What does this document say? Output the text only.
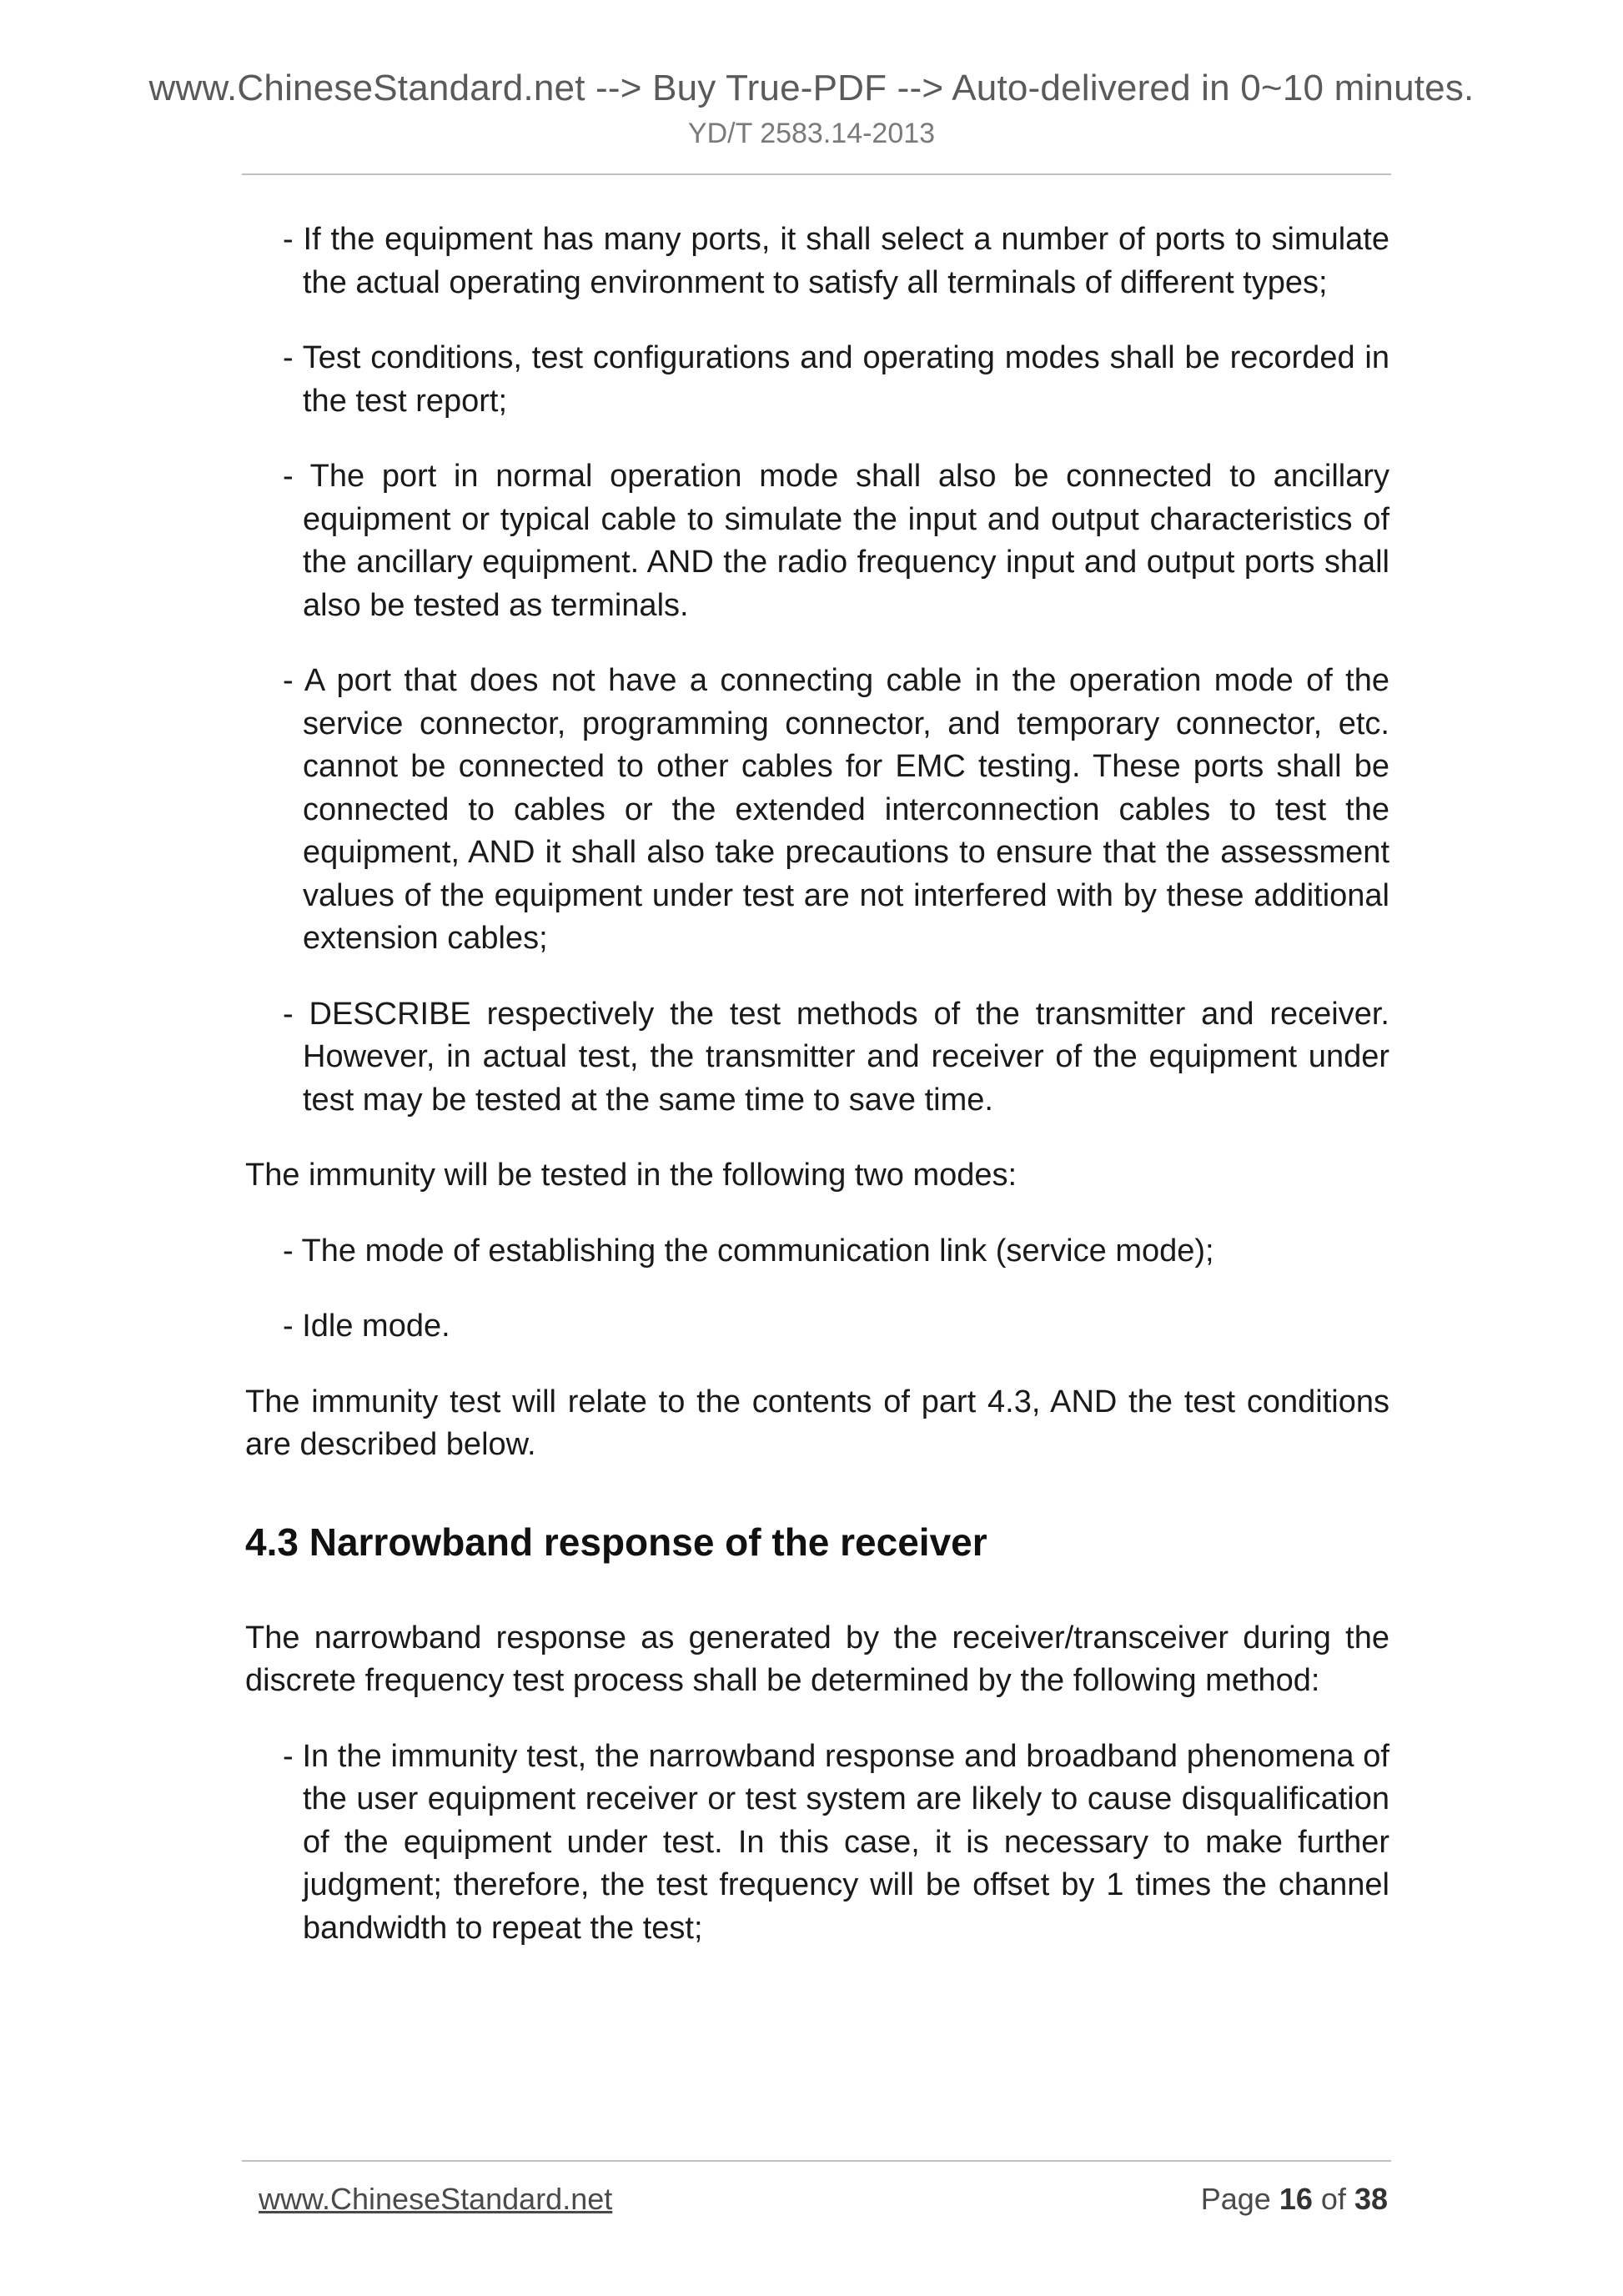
www.ChineseStandard.net --> Buy True-PDF --> Auto-delivered in 0~10 minutes.
YD/T 2583.14-2013
- If the equipment has many ports, it shall select a number of ports to simulate the actual operating environment to satisfy all terminals of different types;
- Test conditions, test configurations and operating modes shall be recorded in the test report;
- The port in normal operation mode shall also be connected to ancillary equipment or typical cable to simulate the input and output characteristics of the ancillary equipment. AND the radio frequency input and output ports shall also be tested as terminals.
- A port that does not have a connecting cable in the operation mode of the service connector, programming connector, and temporary connector, etc. cannot be connected to other cables for EMC testing. These ports shall be connected to cables or the extended interconnection cables to test the equipment, AND it shall also take precautions to ensure that the assessment values of the equipment under test are not interfered with by these additional extension cables;
- DESCRIBE respectively the test methods of the transmitter and receiver. However, in actual test, the transmitter and receiver of the equipment under test may be tested at the same time to save time.
The immunity will be tested in the following two modes:
- The mode of establishing the communication link (service mode);
- Idle mode.
The immunity test will relate to the contents of part 4.3, AND the test conditions are described below.
4.3 Narrowband response of the receiver
The narrowband response as generated by the receiver/transceiver during the discrete frequency test process shall be determined by the following method:
- In the immunity test, the narrowband response and broadband phenomena of the user equipment receiver or test system are likely to cause disqualification of the equipment under test. In this case, it is necessary to make further judgment; therefore, the test frequency will be offset by 1 times the channel bandwidth to repeat the test;
www.ChineseStandard.net	Page 16 of 38
